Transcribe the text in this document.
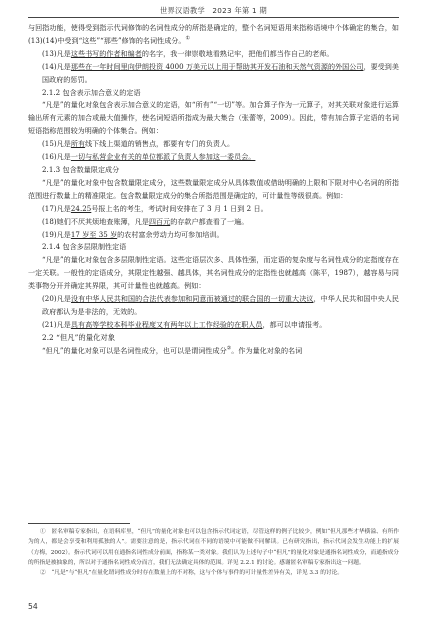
世界汉语教学　2023 年第 1 期

与回指功能，使得受到指示代词修饰的名词性成分的所指是确定的，整个名词短语用来指称语境中个体确定的集合，如(13)(14)中受到“这些”“那些”修饰的名词性成分。①

(13)凡是这些书写的作者和编者的名字，我一律崇敬地看熟记牢，把他们都当作自己的老师。

(14)凡是那些在一年时间里向伊朗投资 4000 万美元以上用于帮助其开发石油和天然气资源的外国公司，要受到美国政府的惩罚。

2.1.2 包含表示加合意义的定语

“凡是”的量化对象包含表示加合意义的定语，如“所有”“一切”等。加合算子作为一元算子，对其关联对象进行运算输出所有元素的加合或最大值操作，使名词短语所指成为最大集合（张蕾等，2009）。因此，带有加合算子定语的名词短语指称范围较为明确的个体集合。例如：

(15)凡是所有线下线上渠道的销售点，都要有专门的负责人。

(16)凡是一切与私营企业有关的单位都派了负责人参加这一委员会。

2.1.3 包含数量限定成分

“凡是”的量化对象中包含数量限定成分，这些数量限定成分从具体数值或借助明确的上限和下限对中心名词的所指范围进行数量上的精准限定。包含数量限定成分的集合所指范围是确定的，可计量性等级很高。例如：

(17)凡是24.25号报上名的考生，考试时间安排在了 3 月 1 日到 2 日。

(18)她们不厌其烦地查账簿，凡是四百元的存款户都查看了一遍。

(19)凡是17 岁至 35 岁的农村富余劳动力均可参加培训。

2.1.4 包含多层限制性定语

“凡是”的量化对象包含多层限制性定语。这些定语层次多、具体性强，而定语的复杂度与名词性成分的定指度存在一定关联。一般性的定语成分，其限定性越强、越具体，其名词性成分的定指性也就越高（陈平，1987），越容易与同类事物分开并确定其界限，其可计量性也就越高。例如：

(20)凡是没有中华人民共和国的合法代表参加和同意而被通过的联合国的一切重大决议，中华人民共和国中央人民政府都认为是非法的，无效的。

(21)凡是具有高等学校本科毕业程度又有两年以上工作经验的在职人员，都可以申请报考。

2.2 “但凡”的量化对象

“但凡”的量化对象可以是名词性成分，也可以是谓词性成分②。作为量化对象的名词

①　 匿名审稿专家指出，在语料库里，“但凡”的量化对象也可以包含指示代词定语，尽管这样的例子比较少，例如“但凡那些才华横溢、有所作为的人，都是会享受和利用孤独的人”。需要注意的是，指示代词在不同的语境中可能做不同解读。已有研究指出，指示代词会发生功能上的扩展（方梅，2002）。指示代词可以用在通指名词性成分前面，指称某一类对象。我们认为上述句子中“但凡”的量化对象是通指名词性成分，而通指成分的所指是被抽象的，所以对于通指名词性成分而言，我们无法确定具体的范围。详见 2.2.1 的讨论。感谢匿名审稿专家指出这一问题。

②　 “凡是”与“但凡”在量化谓词性成分时存在数量上的不对称，这与个体与事件的可计量性差异有关，详见 3.3 的讨论。

54
